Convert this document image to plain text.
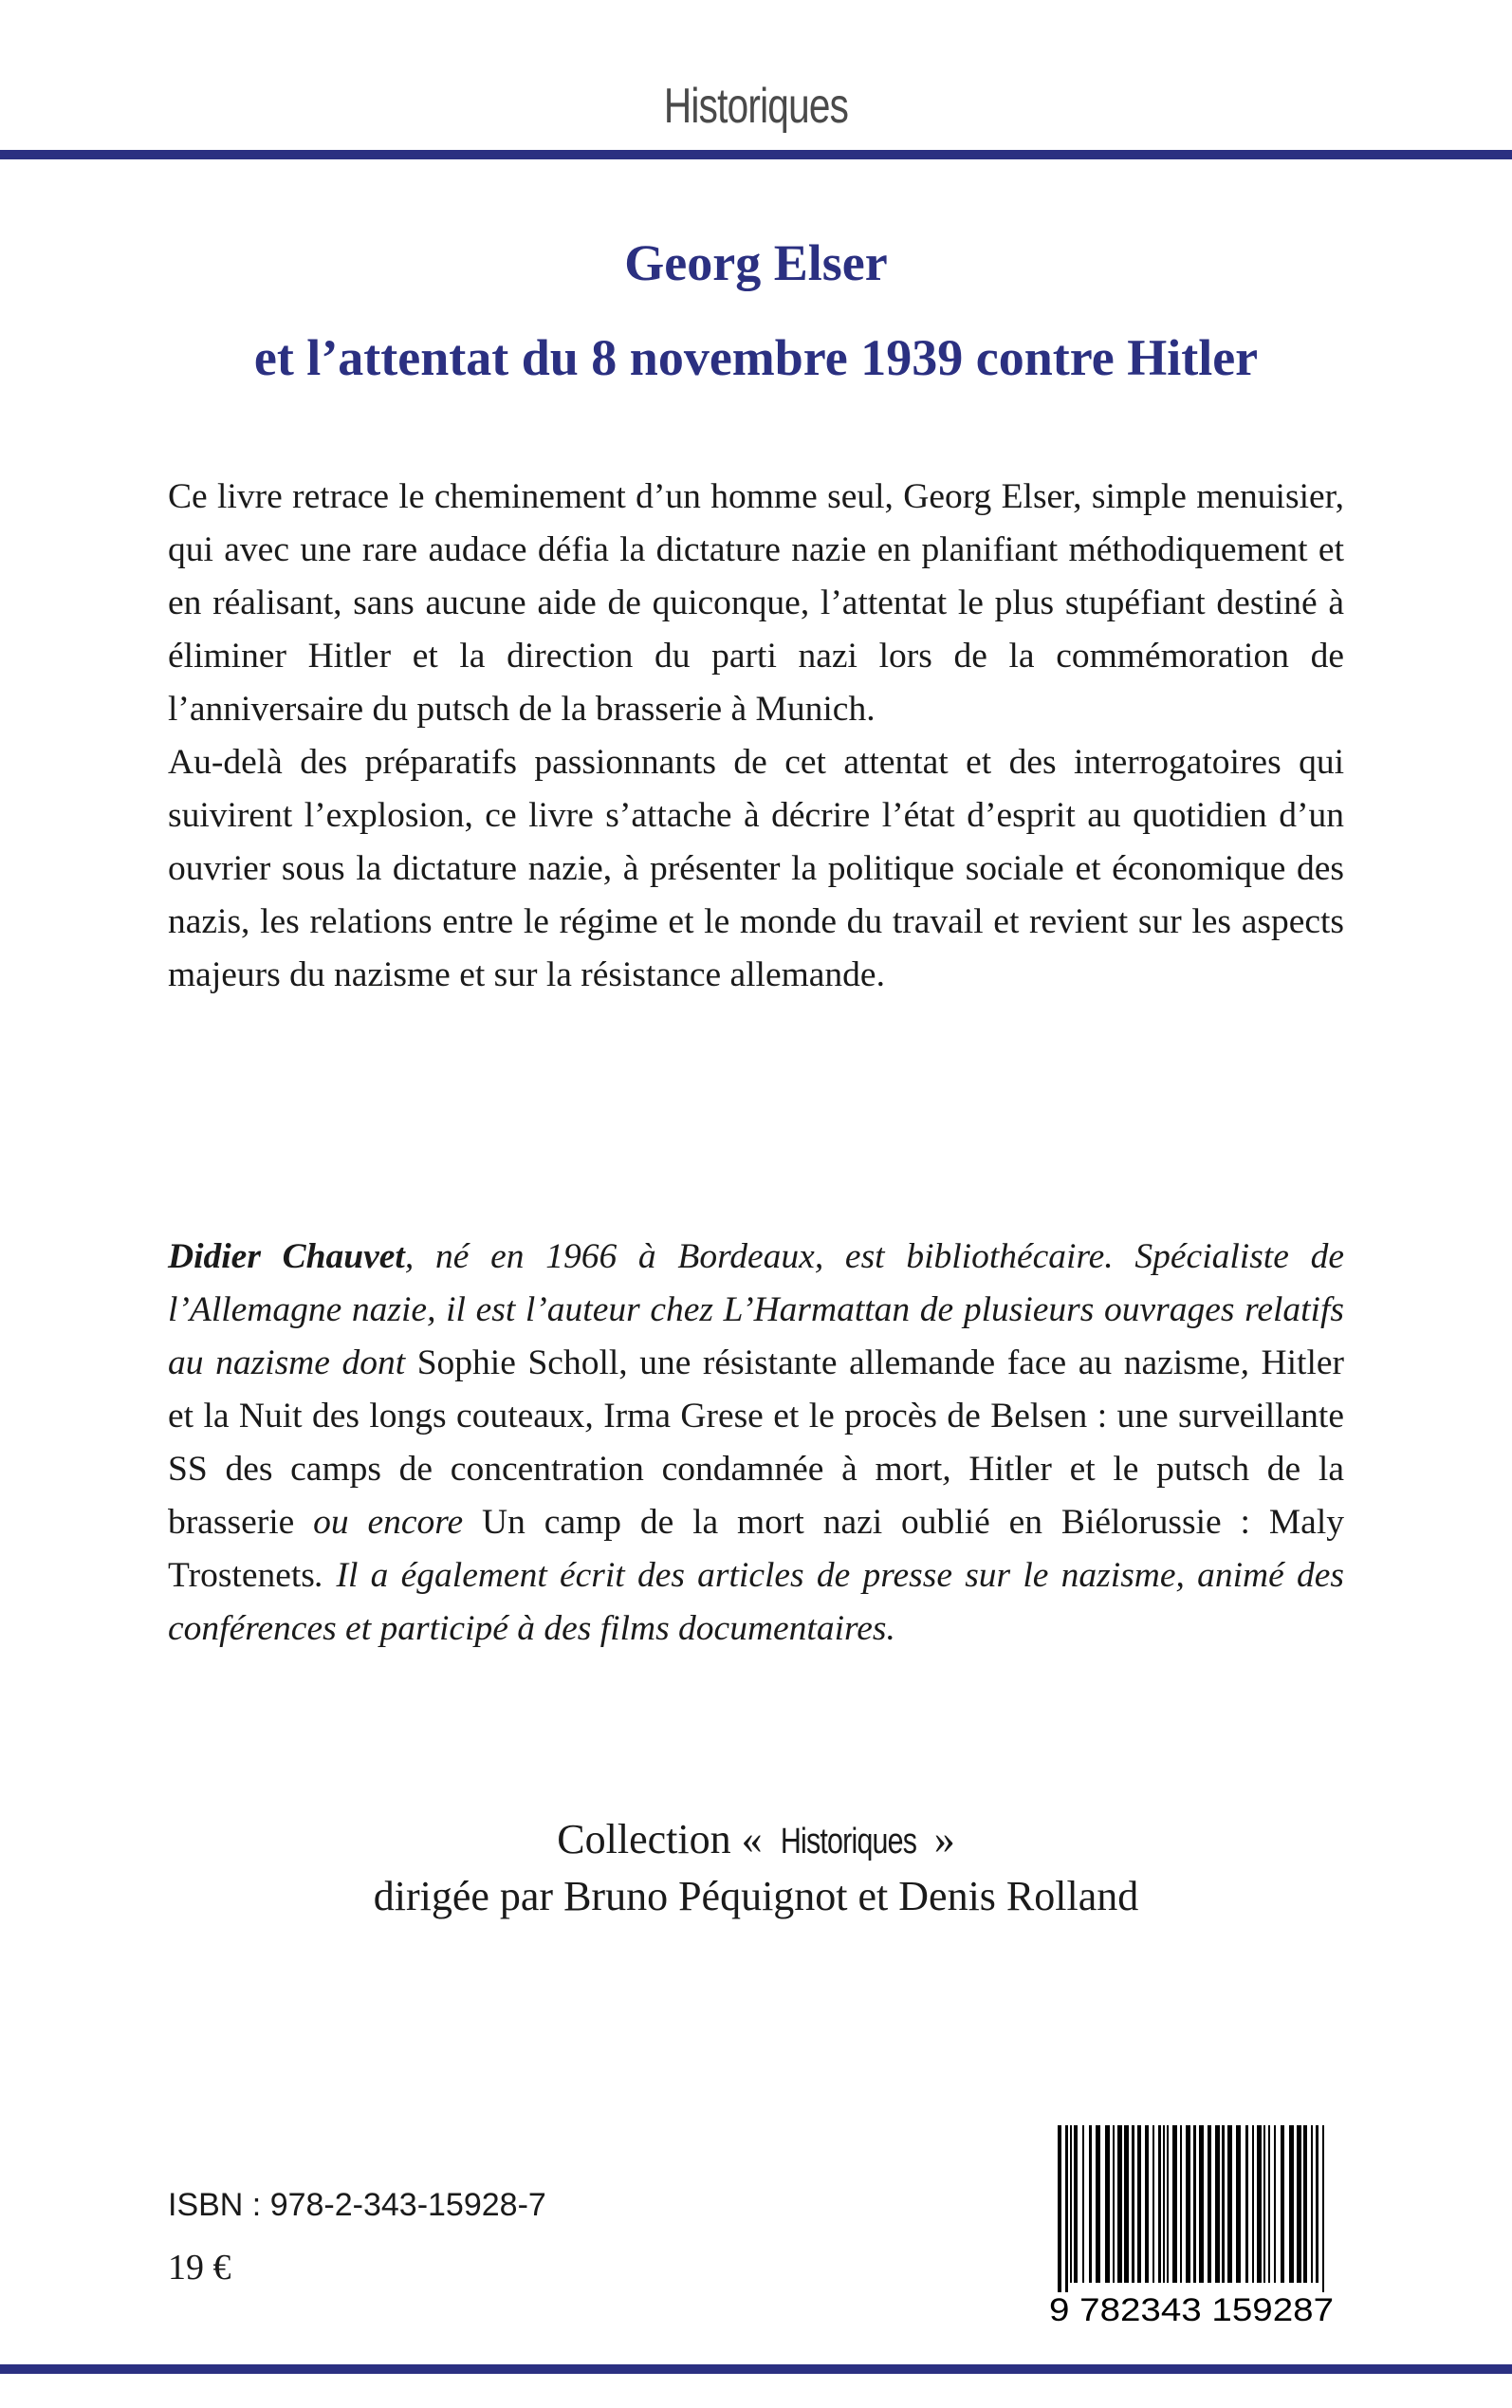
Historiques
Georg Elser
et l’attentat du 8 novembre 1939 contre Hitler

Ce livre retrace le cheminement d’un homme seul, Georg Elser, simple menuisier, qui avec une rare audace défia la dictature nazie en planifiant méthodiquement et en réalisant, sans aucune aide de quiconque, l’attentat le plus stupéfiant destiné à éliminer Hitler et la direction du parti nazi lors de la commémoration de l’anniversaire du putsch de la brasserie à Munich.

Au-delà des préparatifs passionnants de cet attentat et des interrogatoires qui suivirent l’explosion, ce livre s’attache à décrire l’état d’esprit au quotidien d’un ouvrier sous la dictature nazie, à présenter la politique sociale et économique des nazis, les relations entre le régime et le monde du travail et revient sur les aspects majeurs du nazisme et sur la résistance allemande.

Didier Chauvet, né en 1966 à Bordeaux, est bibliothécaire. Spécialiste de l’Allemagne nazie, il est l’auteur chez L’Harmattan de plusieurs ouvrages relatifs au nazisme dont Sophie Scholl, une résistante allemande face au nazisme, Hitler et la Nuit des longs couteaux, Irma Grese et le procès de Belsen : une surveillante SS des camps de concentration condamnée à mort, Hitler et le putsch de la brasserie ou encore Un camp de la mort nazi oublié en Biélorussie : Maly Trostenets. Il a également écrit des articles de presse sur le nazisme, animé des conférences et participé à des films documentaires.
Collection « Historiques »
dirigée par Bruno Péquignot et Denis Rolland
ISBN : 978-2-343-15928-7
19 €
9 782343 159287
